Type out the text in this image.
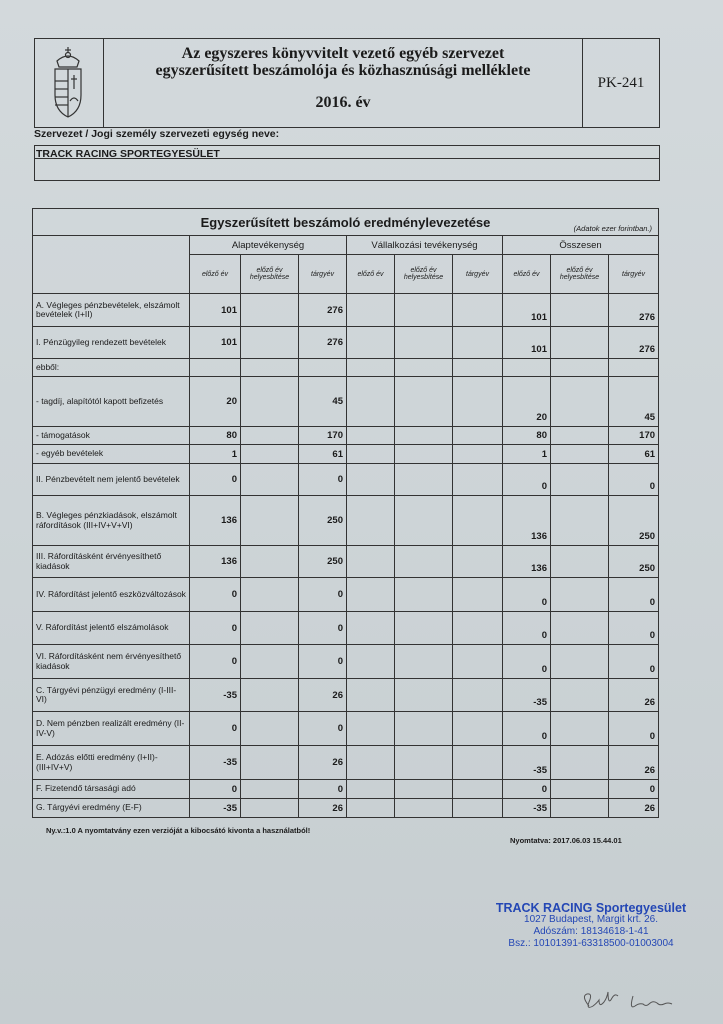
Az egyszeres könyvvitelt vezető egyéb szervezet
egyszerűsített beszámolója és közhasznúsági melléklete
2016. év
PK-241
Szervezet / Jogi személy szervezeti egység neve:
TRACK RACING SPORTEGYESÜLET
Egyszerűsített beszámoló eredménylevezetése (Adatok ezer forintban.)									

	Alaptevékenység			Vállalkozási tevékenység			Összesen		
	előző év	előző év helyesbítése	tárgyév	előző év	előző év helyesbítése	tárgyév	előző év	előző év helyesbítése	tárgyév
A. Végleges pénzbevételek, elszámolt bevételek (I+II)	101		276				101		276
I. Pénzügyileg rendezett bevételek	101		276				101		276
ebből:									
- tagdíj, alapítótól kapott befizetés	20		45				20		45
- támogatások	80		170				80		170
- egyéb bevételek	1		61				1		61
II. Pénzbevételt nem jelentő bevételek	0		0				0		0
B. Végleges pénzkiadások, elszámolt ráfordítások (III+IV+V+VI)	136		250				136		250
III. Ráfordításként érvényesíthető kiadások	136		250				136		250
IV. Ráfordítást jelentő eszközváltozások	0		0				0		0
V. Ráfordítást jelentő elszámolások	0		0				0		0
VI. Ráfordításként nem érvényesíthető kiadások	0		0				0		0
C. Tárgyévi pénzügyi eredmény (I-III-VI)	-35		26				-35		26
D. Nem pénzben realizált eredmény (II-IV-V)	0		0				0		0
E. Adózás előtti eredmény (I+II)-(III+IV+V)	-35		26				-35		26
F. Fizetendő társasági adó	0		0				0		0
G. Tárgyévi eredmény (E-F)	-35		26				-35		26
Ny.v.:1.0 A nyomtatvány ezen verzióját a kibocsátó kivonta a használatból!
Nyomtatva: 2017.06.03 15.44.01
TRACK RACING Sportegyesület
1027 Budapest, Margit krt. 26.
Adószám: 18134618-1-41
Bsz.: 10101391-63318500-01003004
